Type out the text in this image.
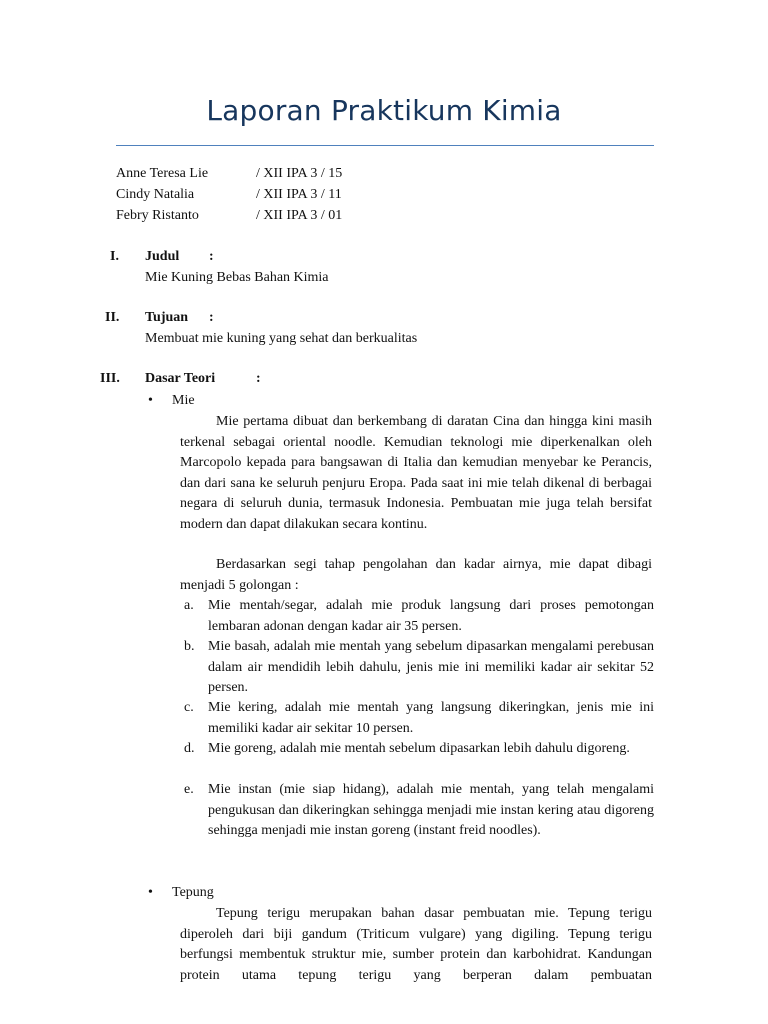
Laporan Praktikum Kimia
Anne Teresa Lie	/ XII IPA 3 / 15
Cindy Natalia	/ XII IPA 3 / 11
Febry Ristanto	/ XII IPA 3 / 01
I. Judul :
Mie Kuning Bebas Bahan Kimia
II. Tujuan :
Membuat mie kuning yang sehat dan berkualitas
III. Dasar Teori	:
• Mie
Mie pertama dibuat dan berkembang di daratan Cina dan hingga kini masih terkenal sebagai oriental noodle. Kemudian teknologi mie diperkenalkan oleh Marcopolo kepada para bangsawan di Italia dan kemudian menyebar ke Perancis, dan dari sana ke seluruh penjuru Eropa. Pada saat ini mie telah dikenal di berbagai negara di seluruh dunia, termasuk Indonesia. Pembuatan mie juga telah bersifat modern dan dapat dilakukan secara kontinu.
Berdasarkan segi tahap pengolahan dan kadar airnya, mie dapat dibagi menjadi 5 golongan :
a. Mie mentah/segar, adalah mie produk langsung dari proses pemotongan lembaran adonan dengan kadar air 35 persen.
b. Mie basah, adalah mie mentah yang sebelum dipasarkan mengalami perebusan dalam air mendidih lebih dahulu, jenis mie ini memiliki kadar air sekitar 52 persen.
c. Mie kering, adalah mie mentah yang langsung dikeringkan, jenis mie ini memiliki kadar air sekitar 10 persen.
d. Mie goreng, adalah mie mentah sebelum dipasarkan lebih dahulu digoreng.
e. Mie instan (mie siap hidang), adalah mie mentah, yang telah mengalami pengukusan dan dikeringkan sehingga menjadi mie instan kering atau digoreng sehingga menjadi mie instan goreng (instant freid noodles).
• Tepung
Tepung terigu merupakan bahan dasar pembuatan mie. Tepung terigu diperoleh dari biji gandum (Triticum vulgare) yang digiling. Tepung terigu berfungsi membentuk struktur mie, sumber protein dan karbohidrat. Kandungan protein utama tepung terigu yang berperan dalam pembuatan
